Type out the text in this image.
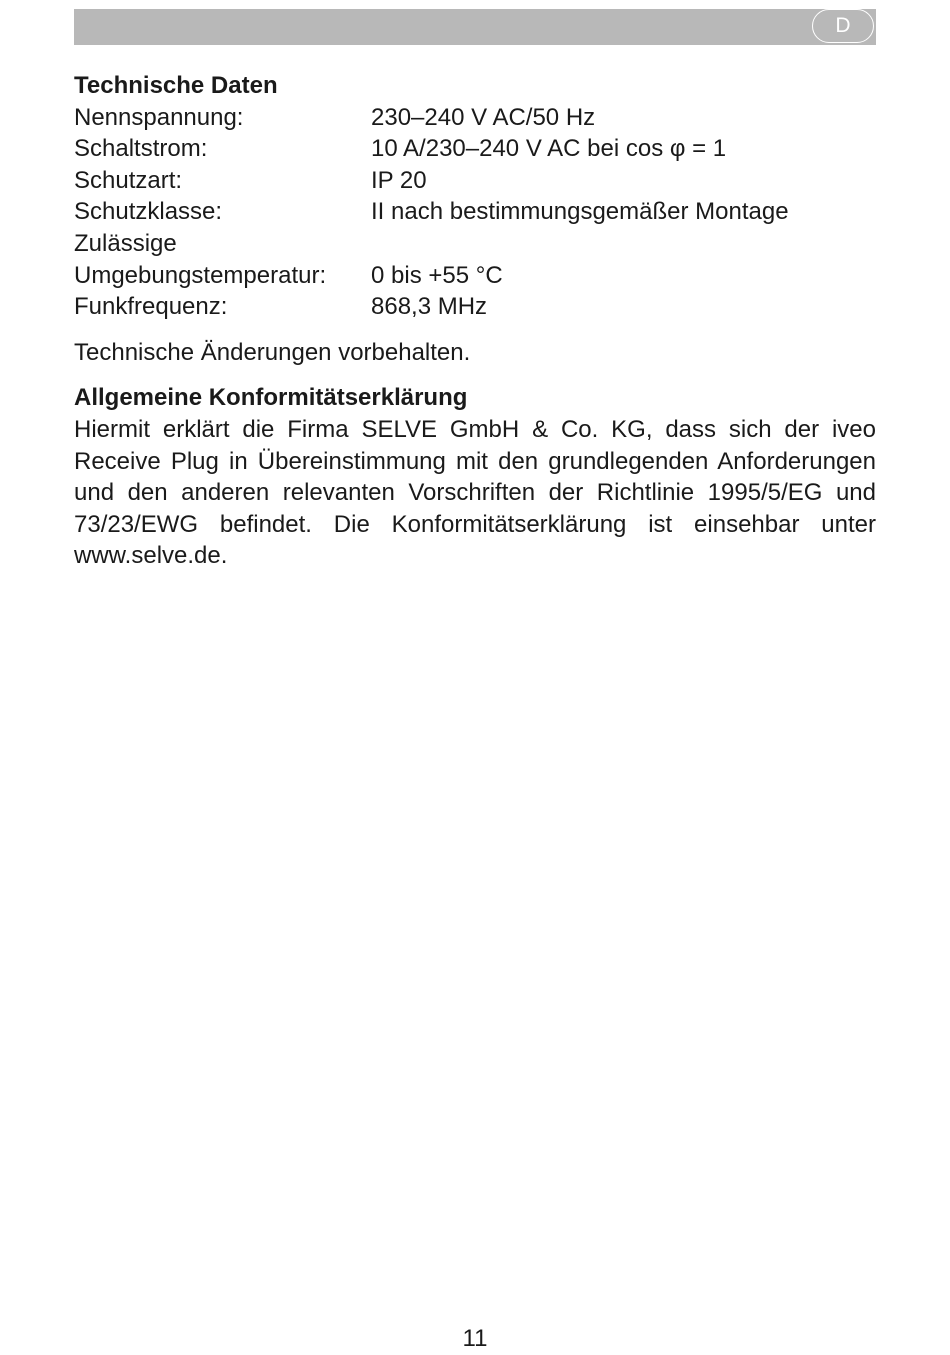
D

Technische Daten

Nennspannung:	230–240 V AC/50 Hz
Schaltstrom:	10 A/230–240 V AC bei cos φ = 1
Schutzart:	IP 20
Schutzklasse:	II nach bestimmungsgemäßer Montage
Zulässige	
Umgebungstemperatur:	0 bis +55 °C
Funkfrequenz:	868,3 MHz

Technische Änderungen vorbehalten.

Allgemeine Konformitätserklärung

Hiermit erklärt die Firma SELVE GmbH & Co. KG, dass sich der iveo Receive Plug in Übereinstimmung mit den grundlegenden Anforderungen und den anderen relevanten Vorschriften der Richtlinie 1995/5/EG und 73/23/EWG befindet. Die Konformitätserklärung ist einsehbar unter www.selve.de.

11
